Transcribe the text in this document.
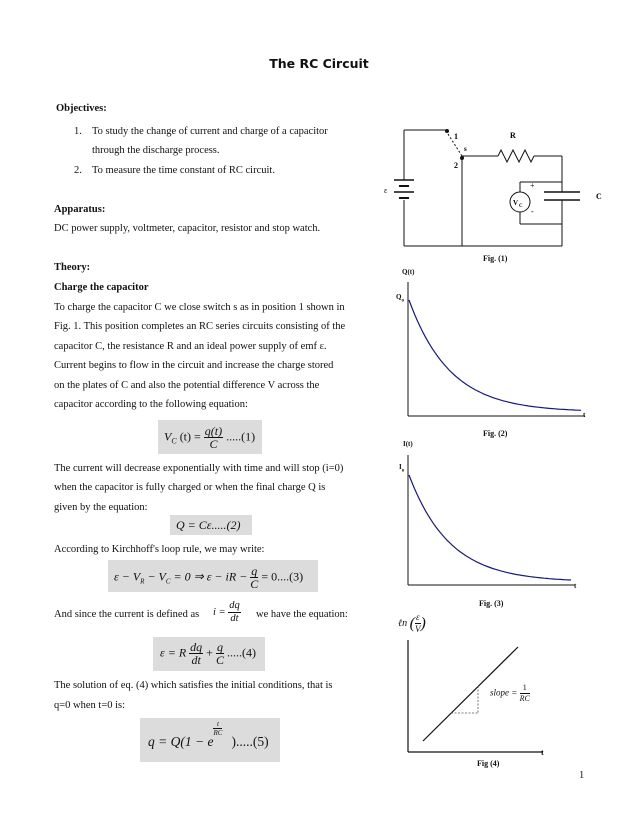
The RC Circuit
Objectives:
1. To study the change of current and charge of a capacitor
through the discharge process.
2. To measure the time constant of RC circuit.
Apparatus:
DC power supply, voltmeter, capacitor, resistor and stop watch.
Theory:
Charge the capacitor
To charge the capacitor C we close switch s as in position 1 shown in
Fig. 1. This position completes an RC series circuits consisting of the
capacitor C, the resistance R and an ideal power supply of emf ε.
Current begins to flow in the circuit and increase the charge stored
on the plates of C and also the potential difference V across the
capacitor according to the following equation:
$V_C$ $(t) = \frac{q(t)}{C} .....(1)$
The current will decrease exponentially with time and will stop (i=0)
when the capacitor is fully charged or when the final charge Q is
given by the equation:
Q = Cε.....(2)
According to Kirchhoff's loop rule, we may write:
$\varepsilon - V_R - V_C = 0$ ⇒ ε − iR − $\frac{q}{C} = 0....(3)$
And since the current is defined as $i = \frac{dq}{dt}$ we have the equation:
ε = R $\frac{dq}{dt} + \frac{q}{C} .....(4)$
The solution of eq. (4) which satisfies the initial conditions, that is
q=0 when t=0 is:
q = Q(1 − e
$\frac{t}{RC}$
).....(5)
1
2
s
R
C
ε
+
-
V C
Fig. (1)
Q(t)
$Q_o$
t
Fig. (2)
I(t)
$I_o$
t
Fig. (3)
ℓn ( $\frac{\varepsilon}{V}$ )
slope = $\frac{1}{RC}$
t
Fig (4)
1
